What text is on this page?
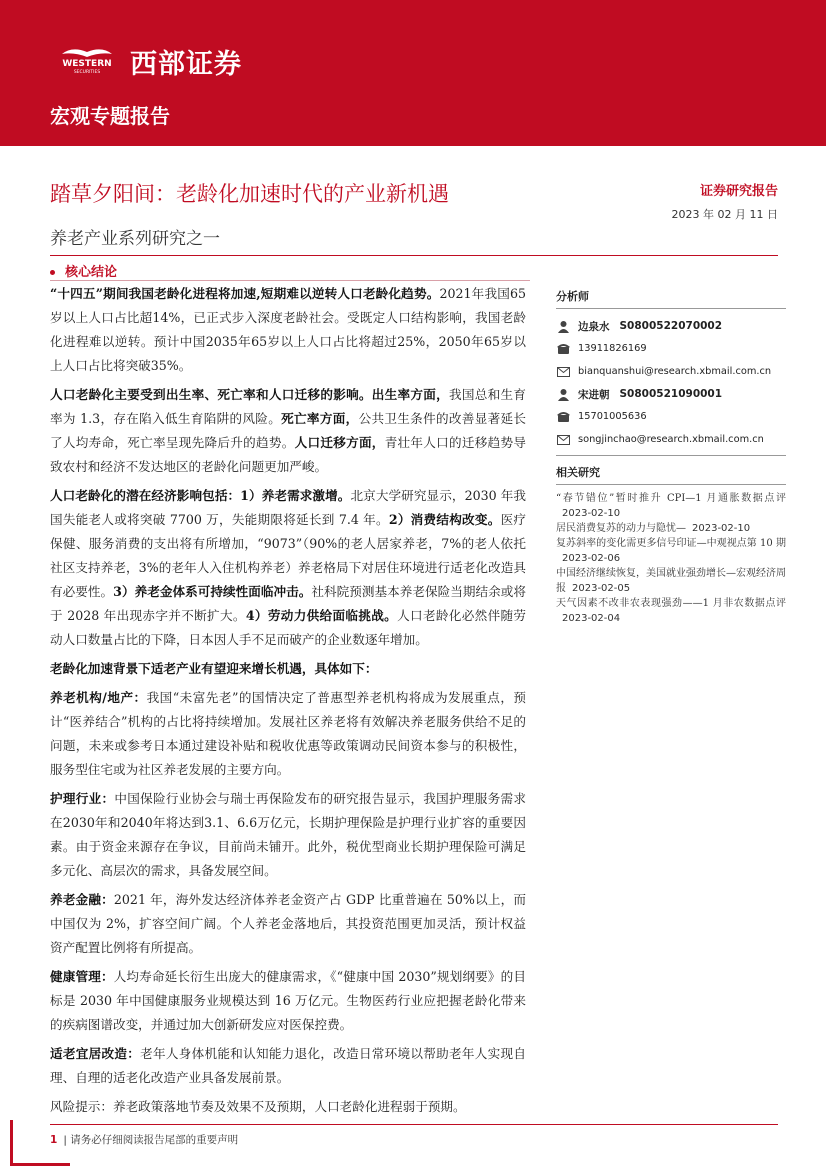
WESTERN
SECURITIES 西部证券
宏观专题报告
踏草夕阳间：老龄化加速时代的产业新机遇
养老产业系列研究之一
证券研究报告
2023 年 02 月 11 日
核心结论

“十四五”期间我国老龄化进程将加速,短期难以逆转人口老龄化趋势。2021年我国65岁以上人口占比超14%，已正式步入深度老龄社会。受既定人口结构影响，我国老龄化进程难以逆转。预计中国2035年65岁以上人口占比将超过25%，2050年65岁以上人口占比将突破35%。

人口老龄化主要受到出生率、死亡率和人口迁移的影响。出生率方面，我国总和生育率为 1.3，存在陷入低生育陷阱的风险。死亡率方面，公共卫生条件的改善显著延长了人均寿命，死亡率呈现先降后升的趋势。人口迁移方面，青壮年人口的迁移趋势导致农村和经济不发达地区的老龄化问题更加严峻。

人口老龄化的潜在经济影响包括：1）养老需求激增。北京大学研究显示，2030 年我国失能老人或将突破 7700 万，失能期限将延长到 7.4 年。2）消费结构改变。医疗保健、服务消费的支出将有所增加，“9073”（90%的老人居家养老，7%的老人依托社区支持养老，3%的老年人入住机构养老）养老格局下对居住环境进行适老化改造具有必要性。3）养老金体系可持续性面临冲击。社科院预测基本养老保险当期结余或将于 2028 年出现赤字并不断扩大。4）劳动力供给面临挑战。人口老龄化必然伴随劳动人口数量占比的下降，日本因人手不足而破产的企业数逐年增加。

老龄化加速背景下适老产业有望迎来增长机遇，具体如下：

养老机构/地产：我国“未富先老”的国情决定了普惠型养老机构将成为发展重点，预计“医养结合”机构的占比将持续增加。发展社区养老将有效解决养老服务供给不足的问题，未来或参考日本通过建设补贴和税收优惠等政策调动民间资本参与的积极性，服务型住宅或为社区养老发展的主要方向。

护理行业：中国保险行业协会与瑞士再保险发布的研究报告显示，我国护理服务需求在2030年和2040年将达到3.1、6.6万亿元，长期护理保险是护理行业扩容的重要因素。由于资金来源存在争议，目前尚未铺开。此外，税优型商业长期护理保险可满足多元化、高层次的需求，具备发展空间。

养老金融：2021 年，海外发达经济体养老金资产占 GDP 比重普遍在 50%以上，而中国仅为 2%，扩容空间广阔。个人养老金落地后，其投资范围更加灵活，预计权益资产配置比例将有所提高。

健康管理：人均寿命延长衍生出庞大的健康需求，《“健康中国 2030”规划纲要》的目标是 2030 年中国健康服务业规模达到 16 万亿元。生物医药行业应把握老龄化带来的疾病图谱改变，并通过加大创新研发应对医保控费。

适老宜居改造：老年人身体机能和认知能力退化，改造日常环境以帮助老年人实现自理、自理的适老化改造产业具备发展前景。

风险提示：养老政策落地节奏及效果不及预期，人口老龄化进程弱于预期。

分析师
边泉水 S0800522070002
13911826169
bianquanshui@research.xbmail.com.cn
宋进朝 S0800521090001
15701005636
songjinchao@research.xbmail.com.cn
相关研究
“春节错位”暂时推升 CPI—1 月通胀数据点评2023-02-10
居民消费复苏的动力与隐忧— 2023-02-10
复苏斜率的变化需更多信号印证—中观视点第 10 期2023-02-06
中国经济继续恢复，美国就业强劲增长—宏观经济周报 2023-02-05
天气因素不改非农表现强劲——1 月非农数据点评2023-02-04
1 | 请务必仔细阅读报告尾部的重要声明
